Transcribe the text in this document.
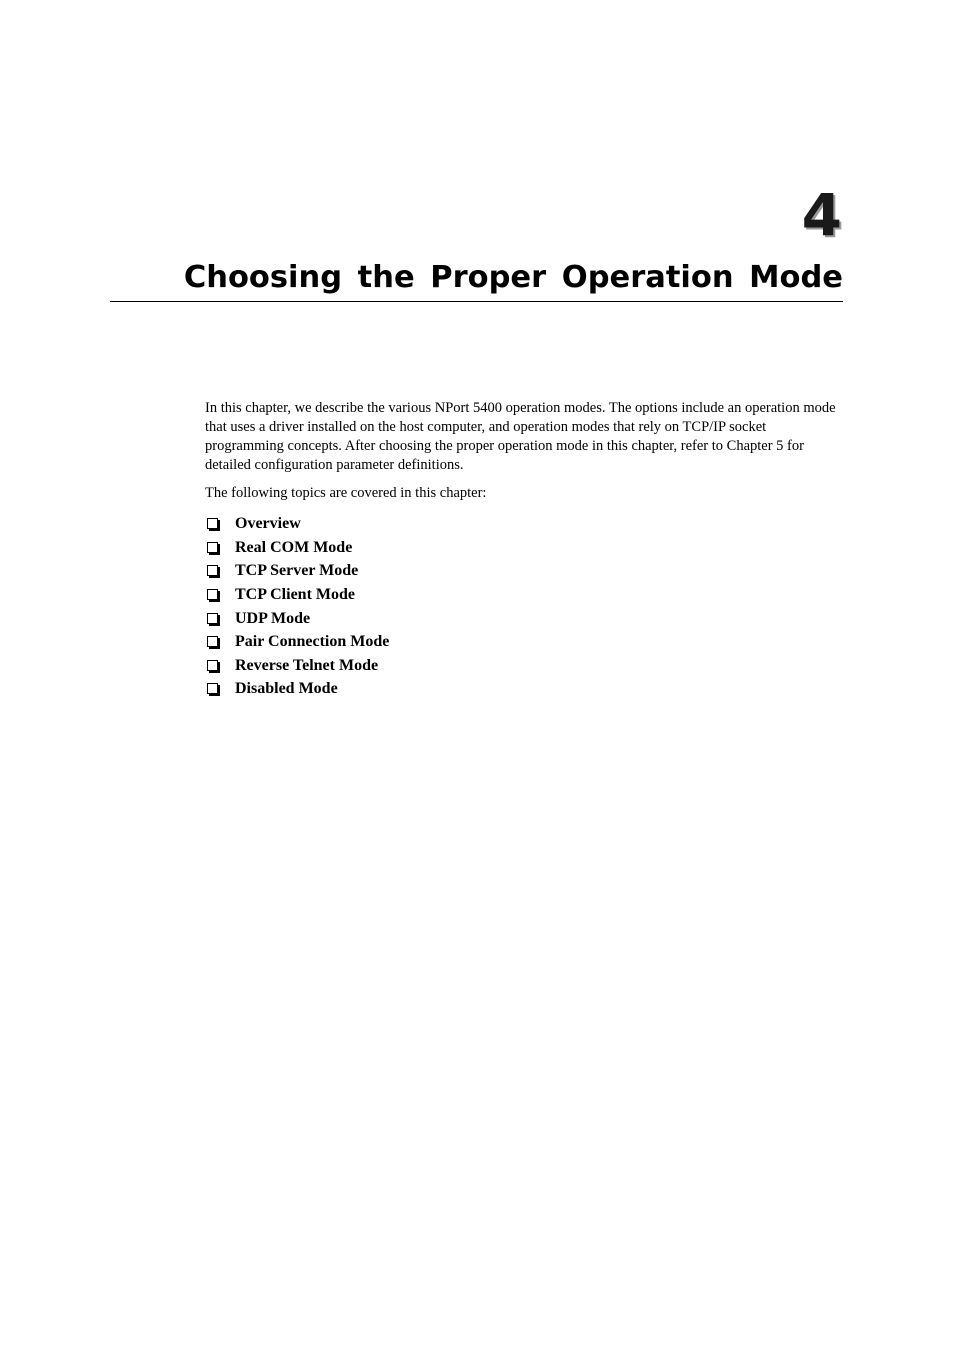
4
Choosing the Proper Operation Mode

In this chapter, we describe the various NPort 5400 operation modes. The options include an operation mode that uses a driver installed on the host computer, and operation modes that rely on TCP/IP socket programming concepts. After choosing the proper operation mode in this chapter, refer to Chapter 5 for detailed configuration parameter definitions.

The following topics are covered in this chapter:

Overview
Real COM Mode
TCP Server Mode
TCP Client Mode
UDP Mode
Pair Connection Mode
Reverse Telnet Mode
Disabled Mode
